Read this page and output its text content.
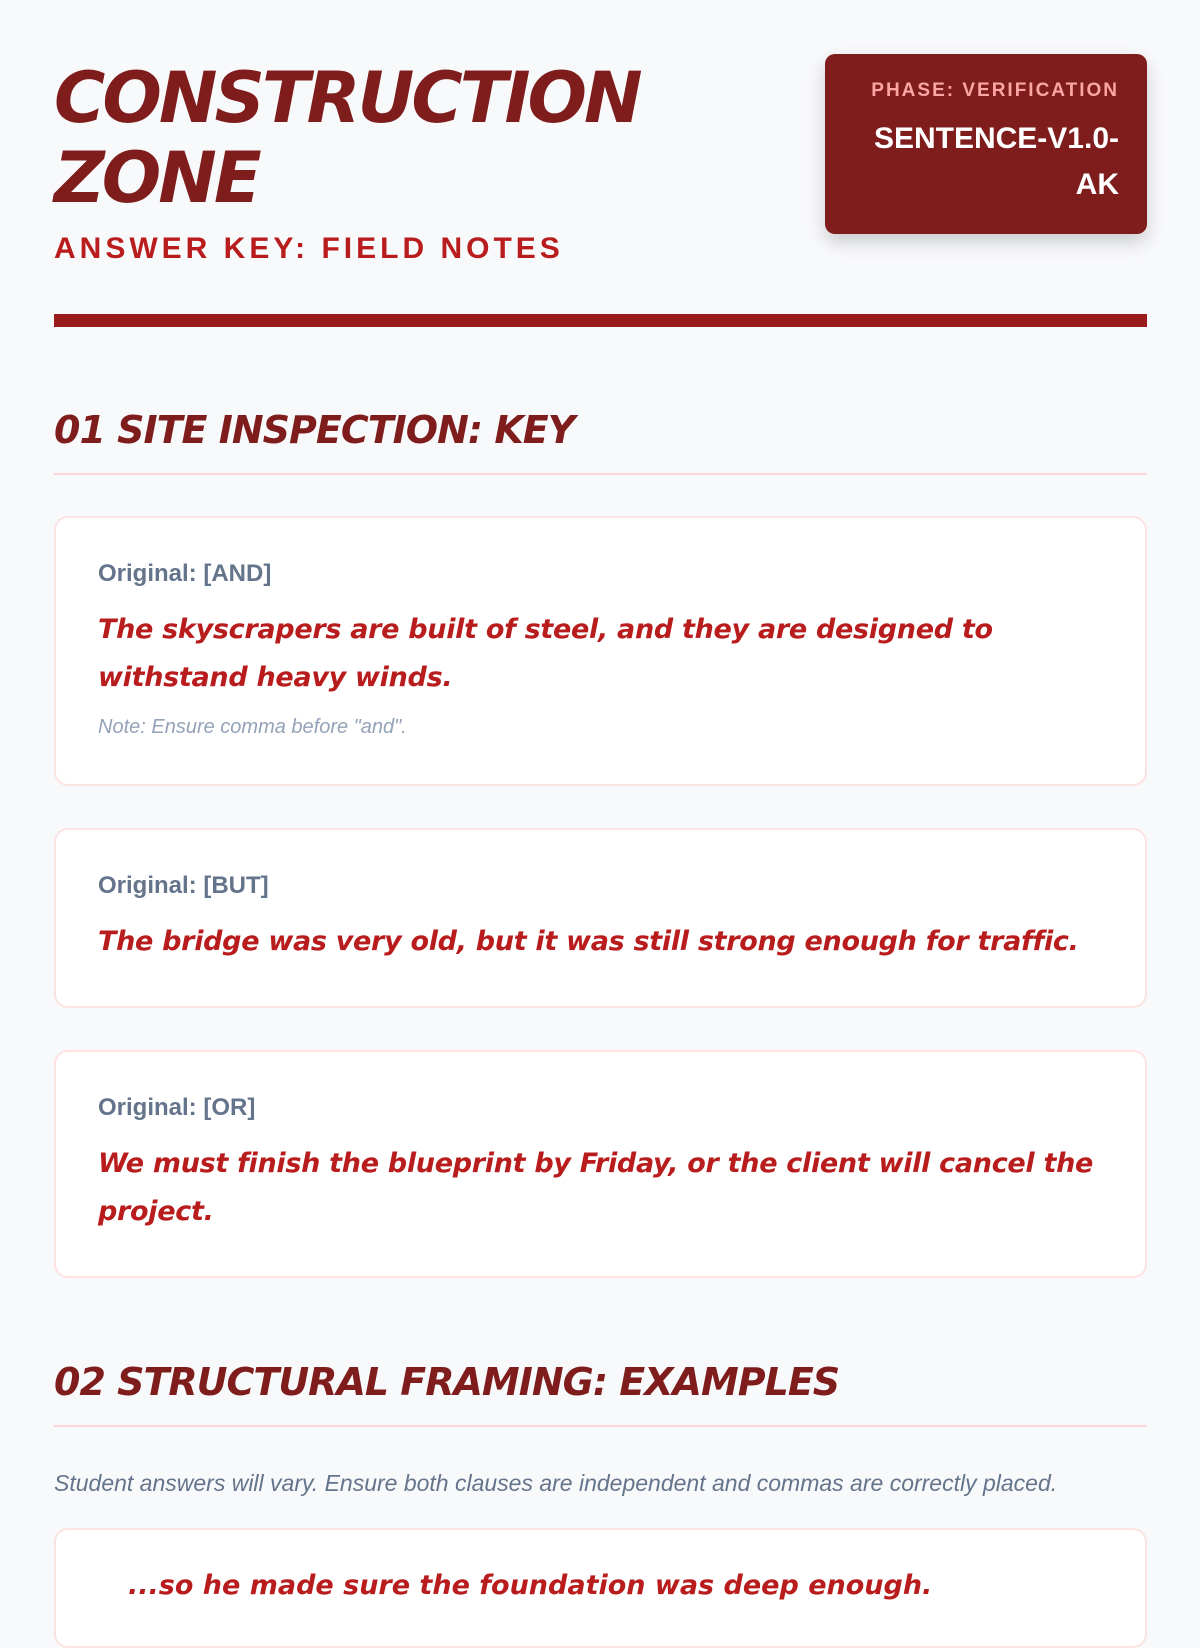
CONSTRUCTION
ZONE
ANSWER KEY: FIELD NOTES
PHASE: VERIFICATION
SENTENCE-V1.0-AK
01 SITE INSPECTION: KEY
Original: [AND]
The skyscrapers are built of steel, and they are designed to withstand heavy winds.
Note: Ensure comma before "and".
Original: [BUT]
The bridge was very old, but it was still strong enough for traffic.
Original: [OR]
We must finish the blueprint by Friday, or the client will cancel the project.
02 STRUCTURAL FRAMING: EXAMPLES
Student answers will vary. Ensure both clauses are independent and commas are correctly placed.
...so he made sure the foundation was deep enough.
